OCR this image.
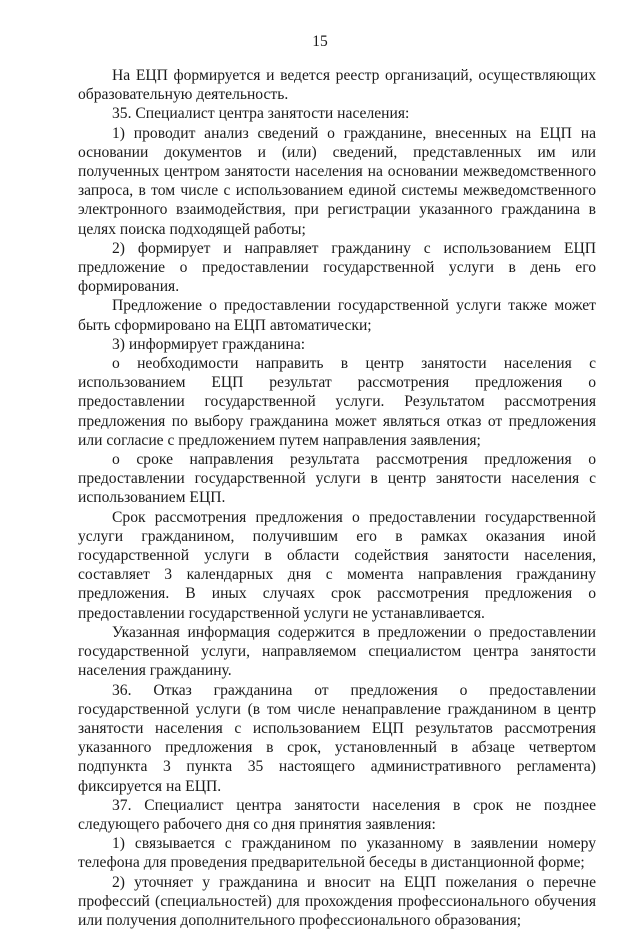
15

На ЕЦП формируется и ведется реестр организаций, осуществляющих образовательную деятельность.

35. Специалист центра занятости населения:

1) проводит анализ сведений о гражданине, внесенных на ЕЦП на основании документов и (или) сведений, представленных им или полученных центром занятости населения на основании межведомственного запроса, в том числе с использованием единой системы межведомственного электронного взаимодействия, при регистрации указанного гражданина в целях поиска подходящей работы;

2) формирует и направляет гражданину с использованием ЕЦП предложение о предоставлении государственной услуги в день его формирования.

Предложение о предоставлении государственной услуги также может быть сформировано на ЕЦП автоматически;

3) информирует гражданина:

о необходимости направить в центр занятости населения с использованием ЕЦП результат рассмотрения предложения о предоставлении государственной услуги. Результатом рассмотрения предложения по выбору гражданина может являться отказ от предложения или согласие с предложением путем направления заявления;

о сроке направления результата рассмотрения предложения о предоставлении государственной услуги в центр занятости населения с использованием ЕЦП.

Срок рассмотрения предложения о предоставлении государственной услуги гражданином, получившим его в рамках оказания иной государственной услуги в области содействия занятости населения, составляет 3 календарных дня с момента направления гражданину предложения. В иных случаях срок рассмотрения предложения о предоставлении государственной услуги не устанавливается.

Указанная информация содержится в предложении о предоставлении государственной услуги, направляемом специалистом центра занятости населения гражданину.

36. Отказ гражданина от предложения о предоставлении государственной услуги (в том числе ненаправление гражданином в центр занятости населения с использованием ЕЦП результатов рассмотрения указанного предложения в срок, установленный в абзаце четвертом подпункта 3 пункта 35 настоящего административного регламента) фиксируется на ЕЦП.

37. Специалист центра занятости населения в срок не позднее следующего рабочего дня со дня принятия заявления:

1) связывается с гражданином по указанному в заявлении номеру телефона для проведения предварительной беседы в дистанционной форме;

2) уточняет у гражданина и вносит на ЕЦП пожелания о перечне профессий (специальностей) для прохождения профессионального обучения или получения дополнительного профессионального образования;
